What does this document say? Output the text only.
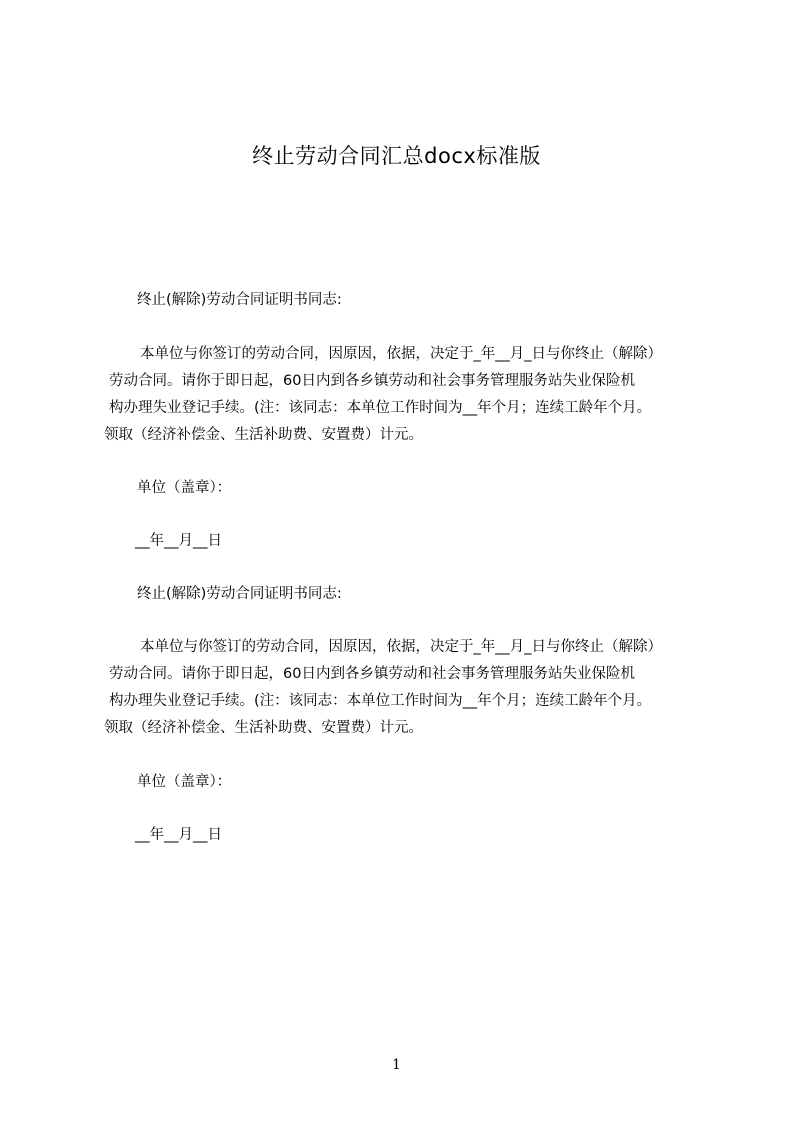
终止劳动合同汇总docx标准版
终止(解除)劳动合同证明书同志:
本单位与你签订的劳动合同，因原因，依据，决定于_年__月_日与你终止（解除）
劳动合同。请你于即日起，60日内到各乡镇劳动和社会事务管理服务站失业保险机
构办理失业登记手续。(注：该同志：本单位工作时间为__年个月；连续工龄年个月。
领取（经济补偿金、生活补助费、安置费）计元。
单位（盖章）：
__年__月__日
终止(解除)劳动合同证明书同志:
本单位与你签订的劳动合同，因原因，依据，决定于_年__月_日与你终止（解除）
劳动合同。请你于即日起，60日内到各乡镇劳动和社会事务管理服务站失业保险机
构办理失业登记手续。(注：该同志：本单位工作时间为__年个月；连续工龄年个月。
领取（经济补偿金、生活补助费、安置费）计元。
单位（盖章）：
__年__月__日
1
